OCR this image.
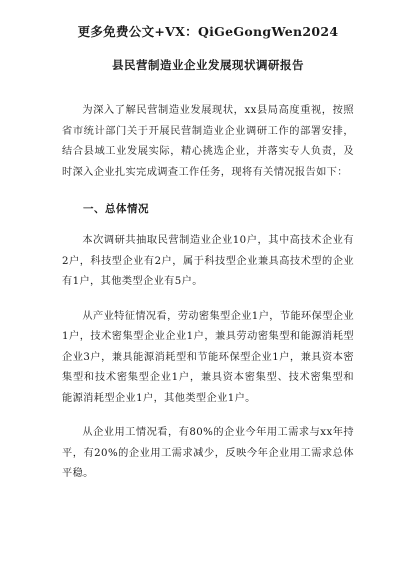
更多免费公文+VX：QiGeGongWen2024
县民营制造业企业发展现状调研报告

为深入了解民营制造业发展现状，xx县局高度重视，按照省市统计部门关于开展民营制造业企业调研工作的部署安排，结合县域工业发展实际，精心挑选企业，并落实专人负责，及时深入企业扎实完成调查工作任务，现将有关情况报告如下：

一、总体情况

本次调研共抽取民营制造业企业10户，其中高技术企业有2户，科技型企业有2户，属于科技型企业兼具高技术型的企业有1户，其他类型企业有5户。

从产业特征情况看，劳动密集型企业1户，节能环保型企业1户，技术密集型企业企业1户，兼具劳动密集型和能源消耗型企业3户，兼具能源消耗型和节能环保型企业1户，兼具资本密集型和技术密集型企业1户，兼具资本密集型、技术密集型和能源消耗型企业1户，其他类型企业1户。

从企业用工情况看，有80%的企业今年用工需求与xx年持平，有20%的企业用工需求减少，反映今年企业用工需求总体平稳。
